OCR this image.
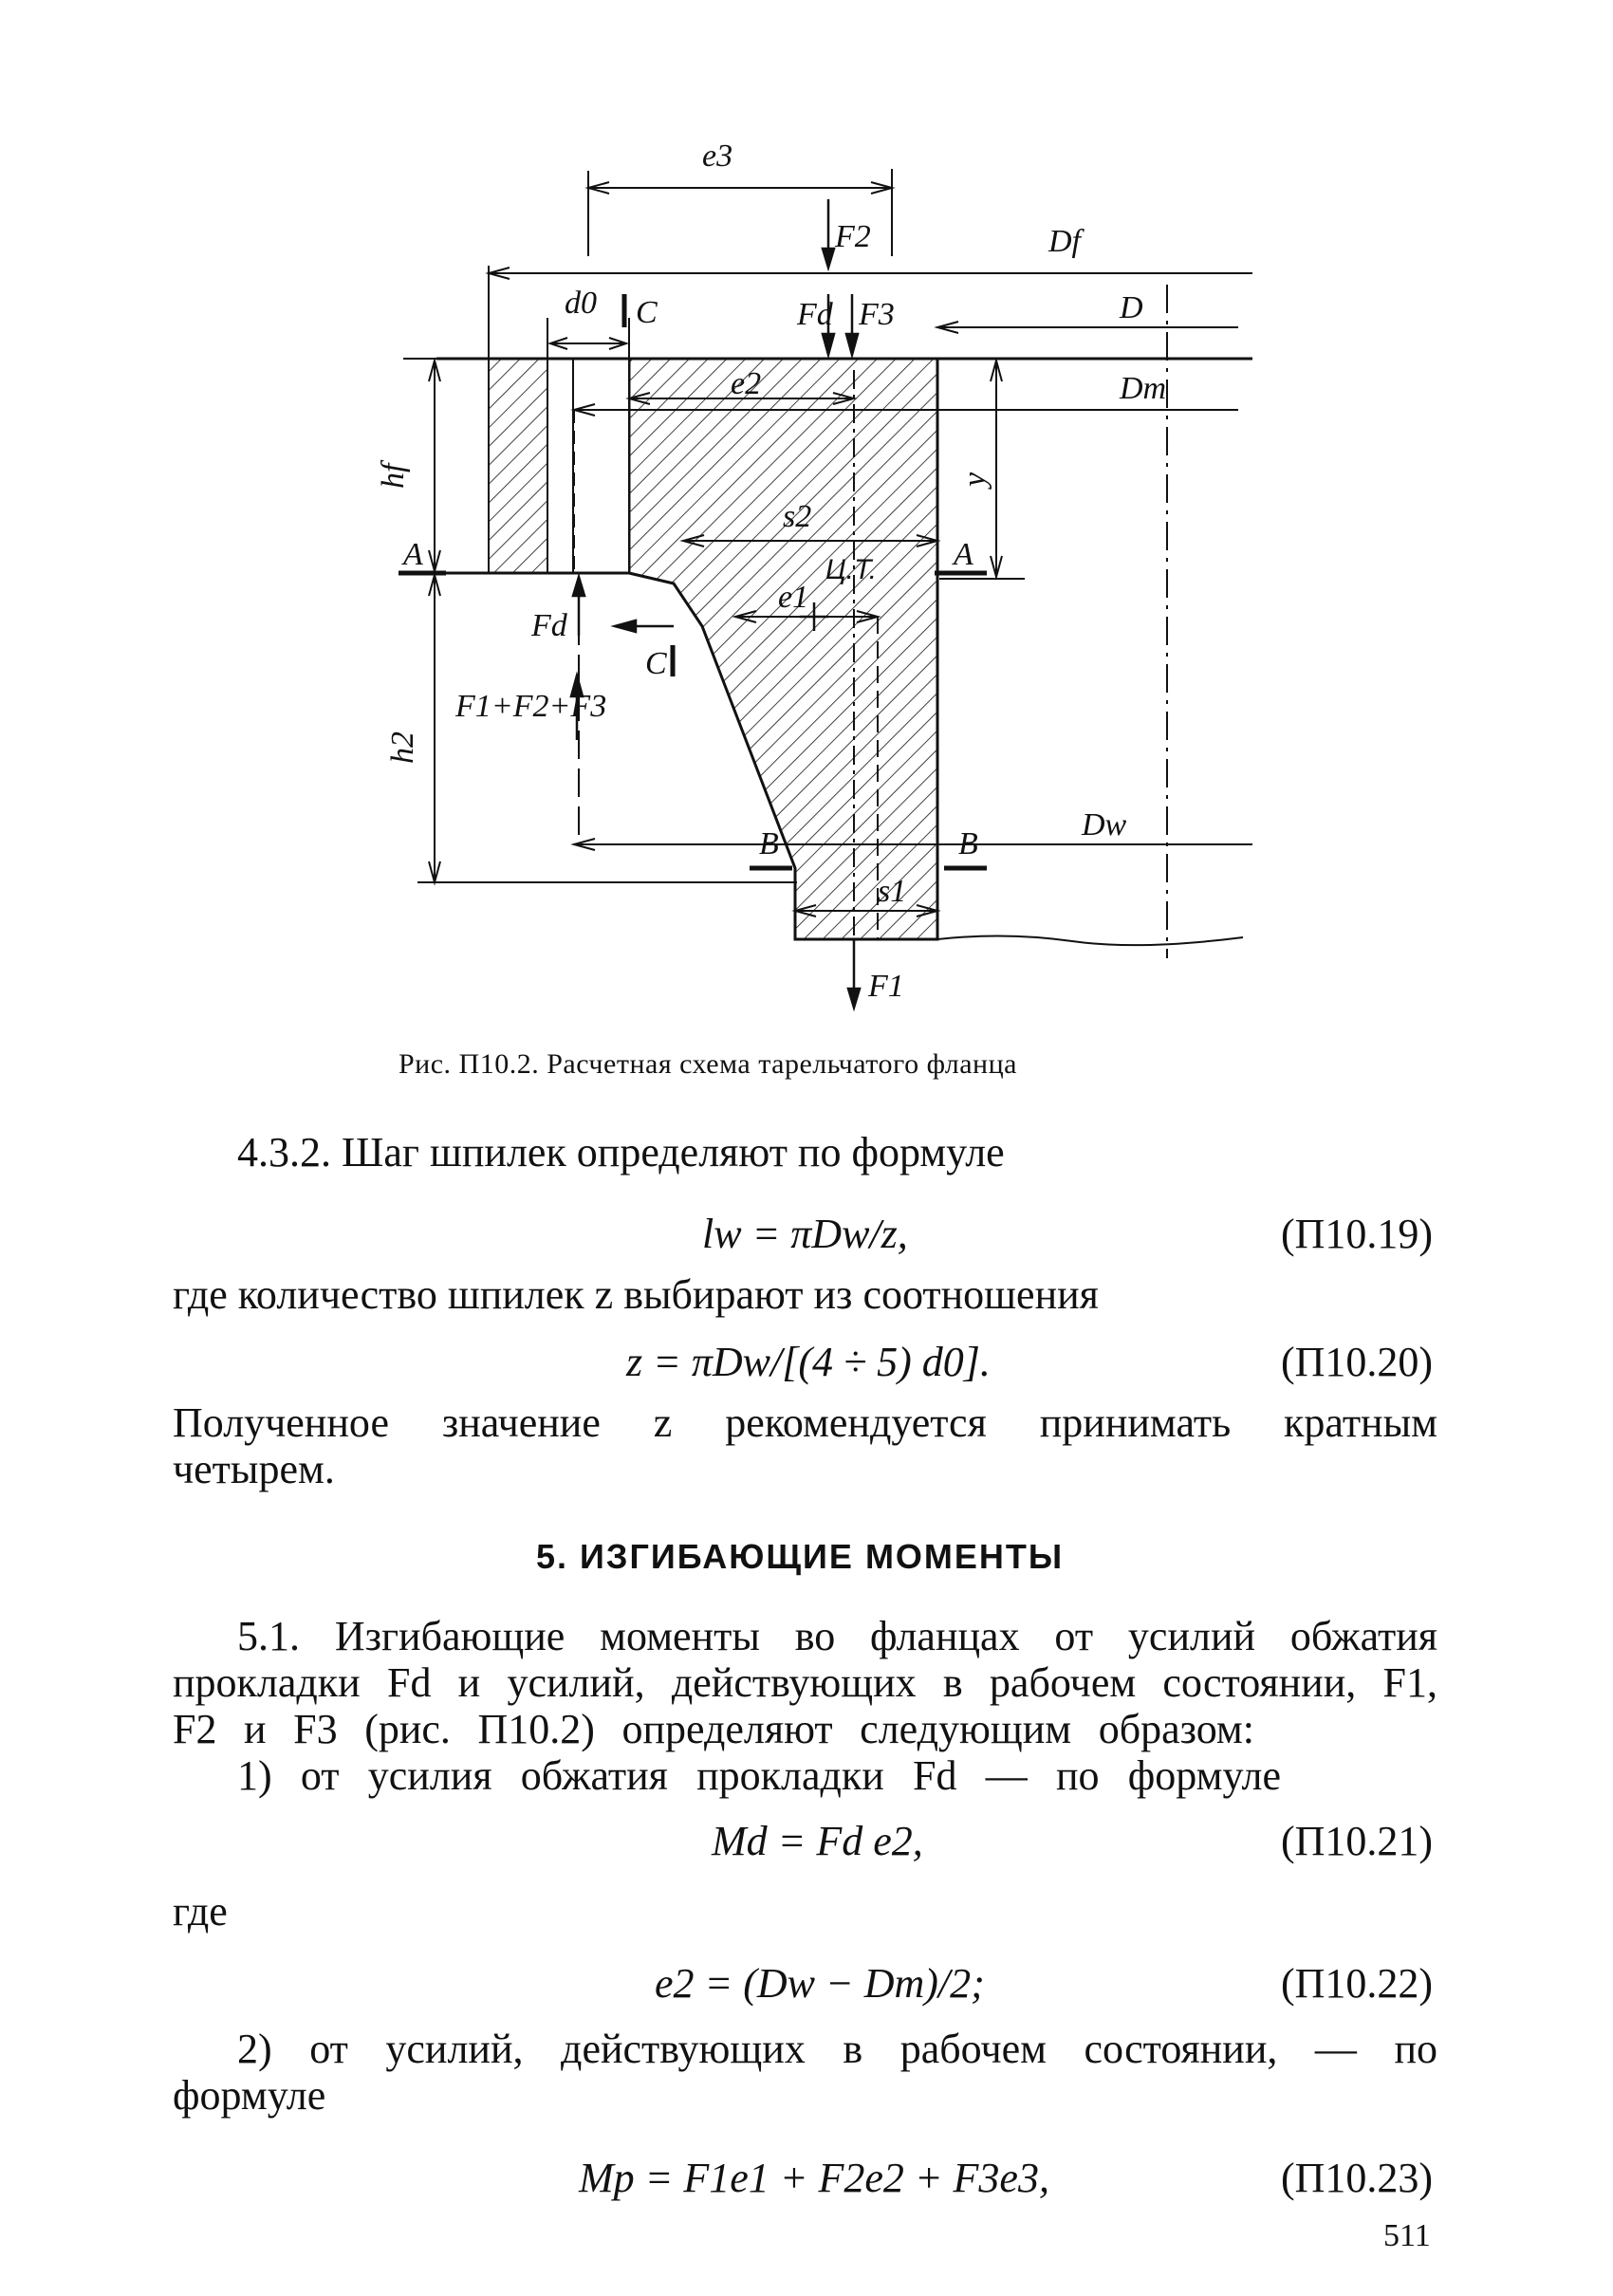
e3
F2	Df
d0 C	Fd F3	D
Dm
e2
hf	y
s2
A	A
Ц.Т.
e1
Fd
C
h2
F1+F2+F3
Dw
B	B
s1
F1
Рис. П10.2. Расчетная схема тарельчатого фланца
4.3.2. Шаг шпилек определяют по формуле
lw = πDw/z,	(П10.19)
где количество шпилек z выбирают из соотношения
z = πDw/[(4 ÷ 5) d0].	(П10.20)
Полученное значение z рекомендуется принимать кратным
четырем.
5. ИЗГИБАЮЩИЕ МОМЕНТЫ
5.1. Изгибающие моменты во фланцах от усилий обжатия
прокладки Fd и усилий, действующих в рабочем состоянии, F1,
F2 и F3 (рис. П10.2) определяют следующим образом:
1) от усилия обжатия прокладки Fd — по формуле
Md = Fd e2,	(П10.21)
где
e2 = (Dw − Dm)/2;	(П10.22)
2) от усилий, действующих в рабочем состоянии, — по
формуле
Mp = F1e1 + F2e2 + F3e3,	(П10.23)
511
